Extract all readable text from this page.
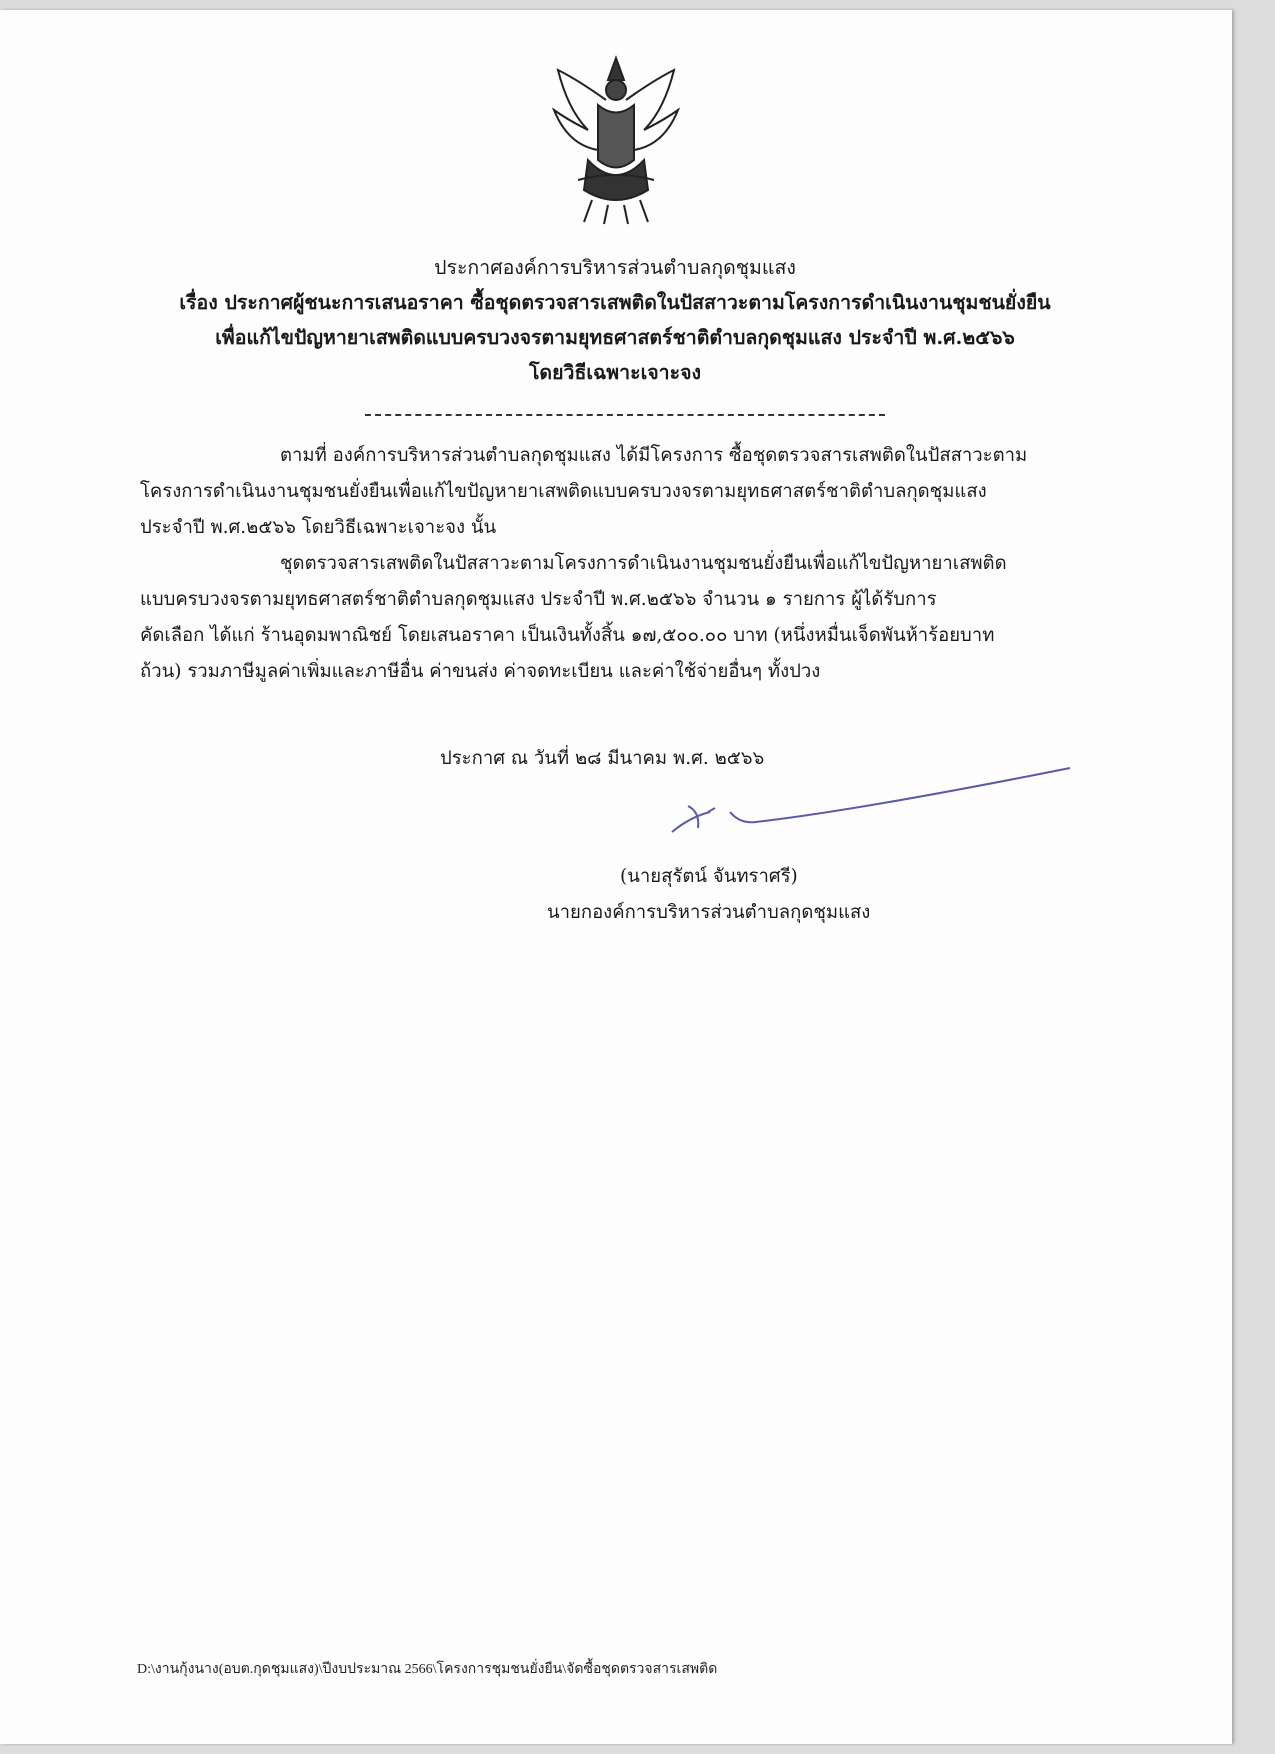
ประกาศองค์การบริหารส่วนตำบลกุดชุมแสง
เรื่อง ประกาศผู้ชนะการเสนอราคา ซื้อชุดตรวจสารเสพติดในปัสสาวะตามโครงการดำเนินงานชุมชนยั่งยืน
เพื่อแก้ไขปัญหายาเสพติดแบบครบวงจรตามยุทธศาสตร์ชาติตำบลกุดชุมแสง ประจำปี พ.ศ.๒๕๖๖
โดยวิธีเฉพาะเจาะจง

ตามที่ องค์การบริหารส่วนตำบลกุดชุมแสง ได้มีโครงการ ซื้อชุดตรวจสารเสพติดในปัสสาวะตาม
โครงการดำเนินงานชุมชนยั่งยืนเพื่อแก้ไขปัญหายาเสพติดแบบครบวงจรตามยุทธศาสตร์ชาติตำบลกุดชุมแสง
ประจำปี พ.ศ.๒๕๖๖ โดยวิธีเฉพาะเจาะจง นั้น

ชุดตรวจสารเสพติดในปัสสาวะตามโครงการดำเนินงานชุมชนยั่งยืนเพื่อแก้ไขปัญหายาเสพติด
แบบครบวงจรตามยุทธศาสตร์ชาติตำบลกุดชุมแสง ประจำปี พ.ศ.๒๕๖๖ จำนวน ๑ รายการ ผู้ได้รับการ
คัดเลือก ได้แก่ ร้านอุดมพาณิชย์ โดยเสนอราคา เป็นเงินทั้งสิ้น ๑๗,๕๐๐.๐๐ บาท (หนึ่งหมื่นเจ็ดพันห้าร้อยบาท
ถ้วน) รวมภาษีมูลค่าเพิ่มและภาษีอื่น ค่าขนส่ง ค่าจดทะเบียน และค่าใช้จ่ายอื่นๆ ทั้งปวง

ประกาศ ณ วันที่ ๒๘ มีนาคม พ.ศ. ๒๕๖๖
(นายสุรัตน์ จันทราศรี)
นายกองค์การบริหารส่วนตำบลกุดชุมแสง
D:\งานกุ้งนาง(อบต.กุดชุมแสง)\ปีงบประมาณ 2566\โครงการชุมชนยั่งยืน\จัดซื้อชุดตรวจสารเสพติด
